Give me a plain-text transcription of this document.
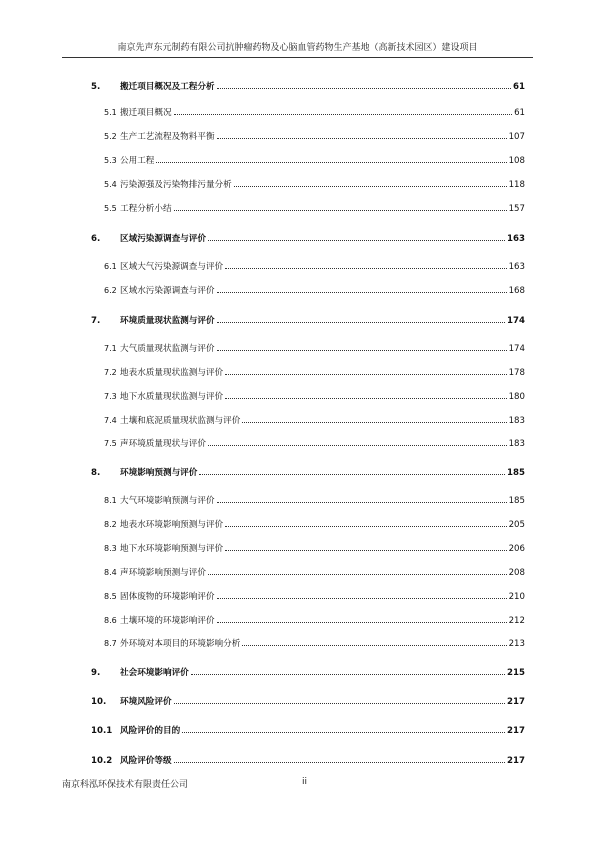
南京先声东元制药有限公司抗肿瘤药物及心脑血管药物生产基地（高新技术园区）建设项目
5.	搬迁项目概况及工程分析	61
5.1 搬迁项目概况	61
5.2 生产工艺流程及物料平衡	107
5.3 公用工程	108
5.4 污染源强及污染物排污量分析	118
5.5 工程分析小结	157
6.	区域污染源调查与评价	163
6.1 区域大气污染源调查与评价	163
6.2 区域水污染源调查与评价	168
7.	环境质量现状监测与评价	174
7.1 大气质量现状监测与评价	174
7.2 地表水质量现状监测与评价	178
7.3 地下水质量现状监测与评价	180
7.4 土壤和底泥质量现状监测与评价	183
7.5 声环境质量现状与评价	183
8.	环境影响预测与评价	185
8.1 大气环境影响预测与评价	185
8.2 地表水环境影响预测与评价	205
8.3 地下水环境影响预测与评价	206
8.4 声环境影响预测与评价	208
8.5 固体废物的环境影响评价	210
8.6 土壤环境的环境影响评价	212
8.7 外环境对本项目的环境影响分析	213
9.	社会环境影响评价	215
10.	环境风险评价	217
10.1 风险评价的目的	217
10.2 风险评价等级	217
南京科泓环保技术有限责任公司	ii
